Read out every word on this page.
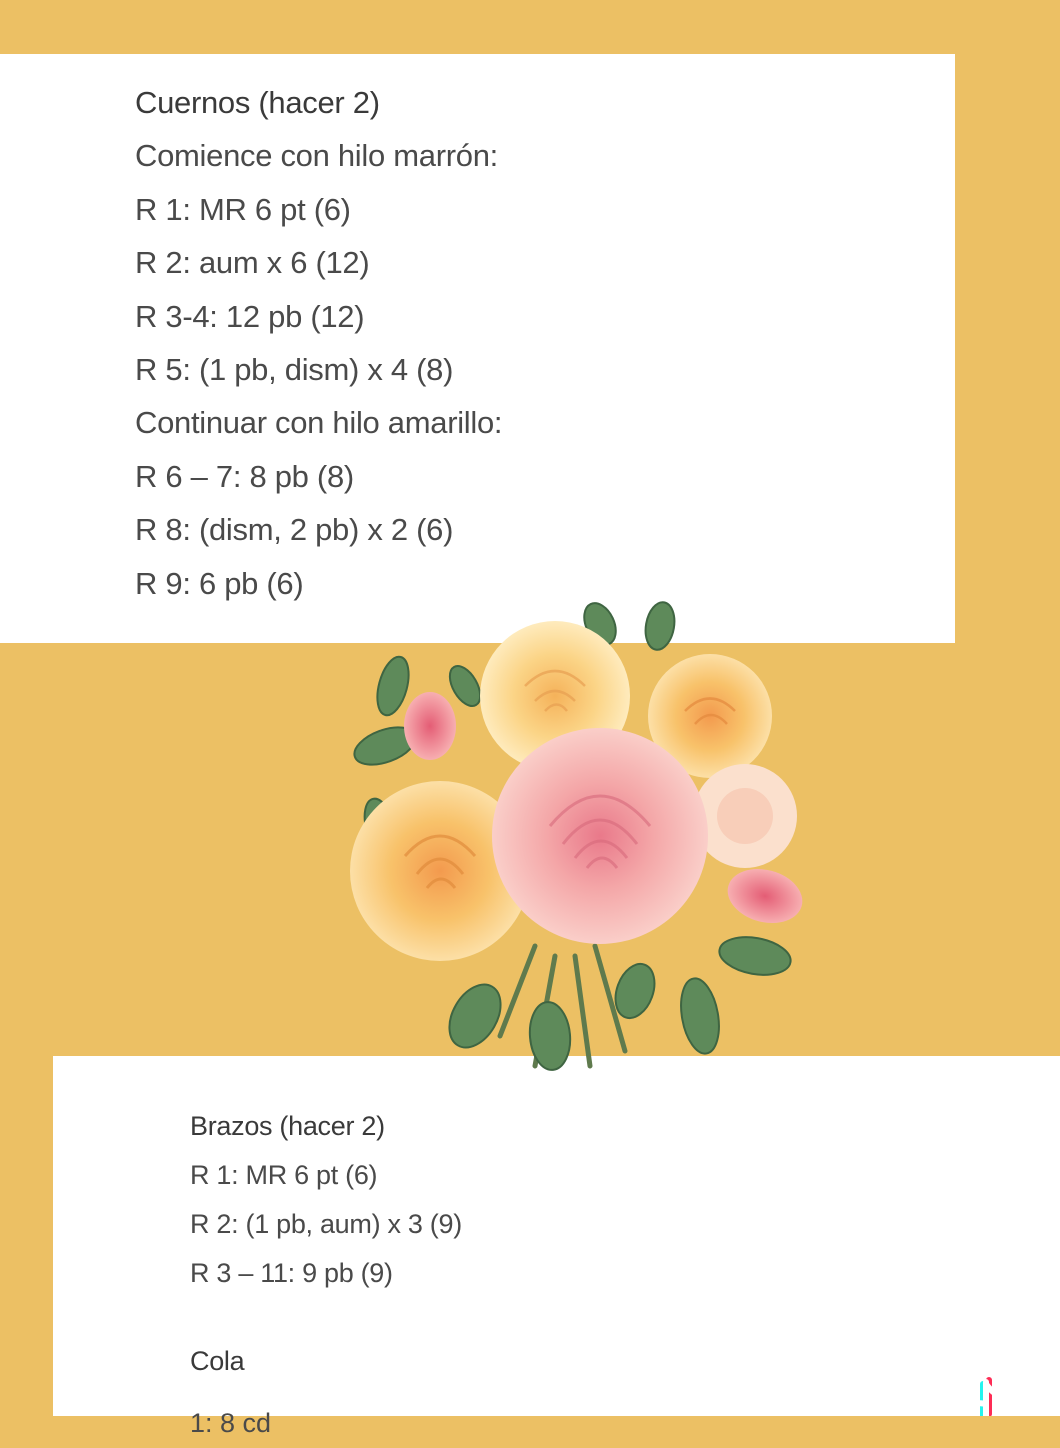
Cuernos (hacer 2)
Comience con hilo marrón:
R 1: MR 6 pt (6)
R 2: aum x 6 (12)
R 3-4: 12 pb (12)
R 5: (1 pb, dism) x 4 (8)
Continuar con hilo amarillo:
R 6 – 7: 8 pb (8)
R 8: (dism, 2 pb) x 2 (6)
R 9: 6 pb (6)
Brazos (hacer 2)
R 1: MR 6 pt (6)
R 2: (1 pb, aum) x 3 (9)
R 3 – 11: 9 pb (9)
Cola
1: 8 cd
